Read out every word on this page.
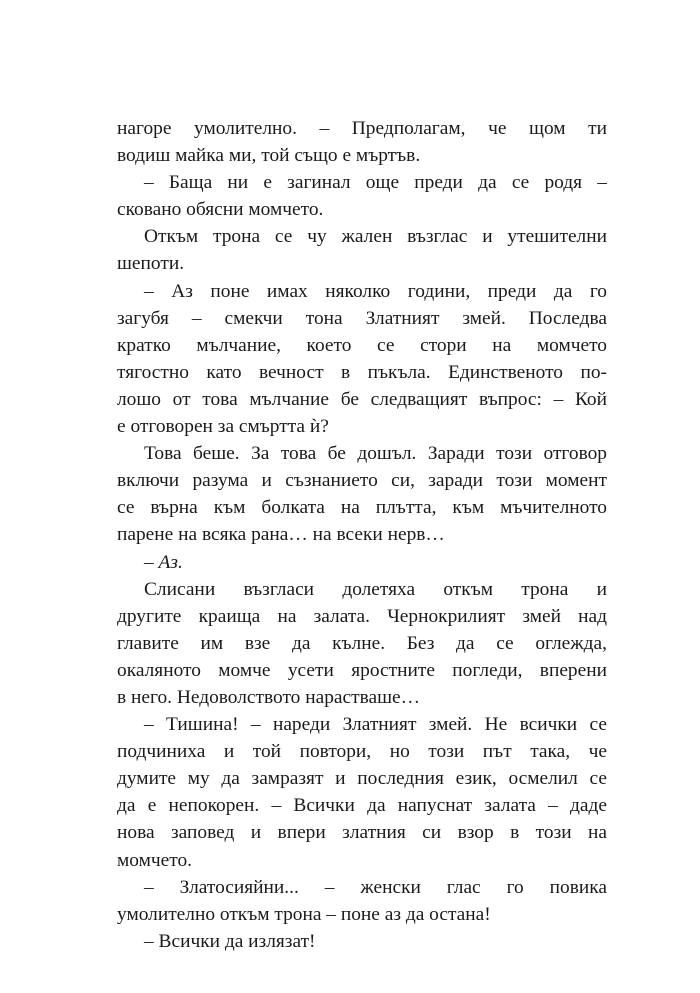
нагоре умолително. – Предполагам, че щом ти
водиш майка ми, той също е мъртъв.
– Баща ни е загинал още преди да се родя –
сковано обясни момчето.
Откъм трона се чу жален възглас и утешителни
шепоти.
– Аз поне имах няколко години, преди да го
загубя – смекчи тона Златният змей. Последва
кратко мълчание, което се стори на момчето
тягостно като вечност в пъкъла. Единственото по-
лошо от това мълчание бе следващият въпрос: – Кой
е отговорен за смъртта ѝ?
Това беше. За това бе дошъл. Заради този отговор
включи разума и съзнанието си, заради този момент
се върна към болката на плътта, към мъчителното
парене на всяка рана… на всеки нерв…
– Аз.
Слисани възгласи долетяха откъм трона и
другите краища на залата. Чернокрилият змей над
главите им взе да кълне. Без да се оглежда,
окаляното момче усети яростните погледи, вперени
в него. Недоволството нарастваше…
– Тишина! – нареди Златният змей. Не всички се
подчиниха и той повтори, но този път така, че
думите му да замразят и последния език, осмелил се
да е непокорен. – Всички да напуснат залата – даде
нова заповед и впери златния си взор в този на
момчето.
– Златосияйни... – женски глас го повика
умолително откъм трона – поне аз да остана!
– Всички да излязат!
